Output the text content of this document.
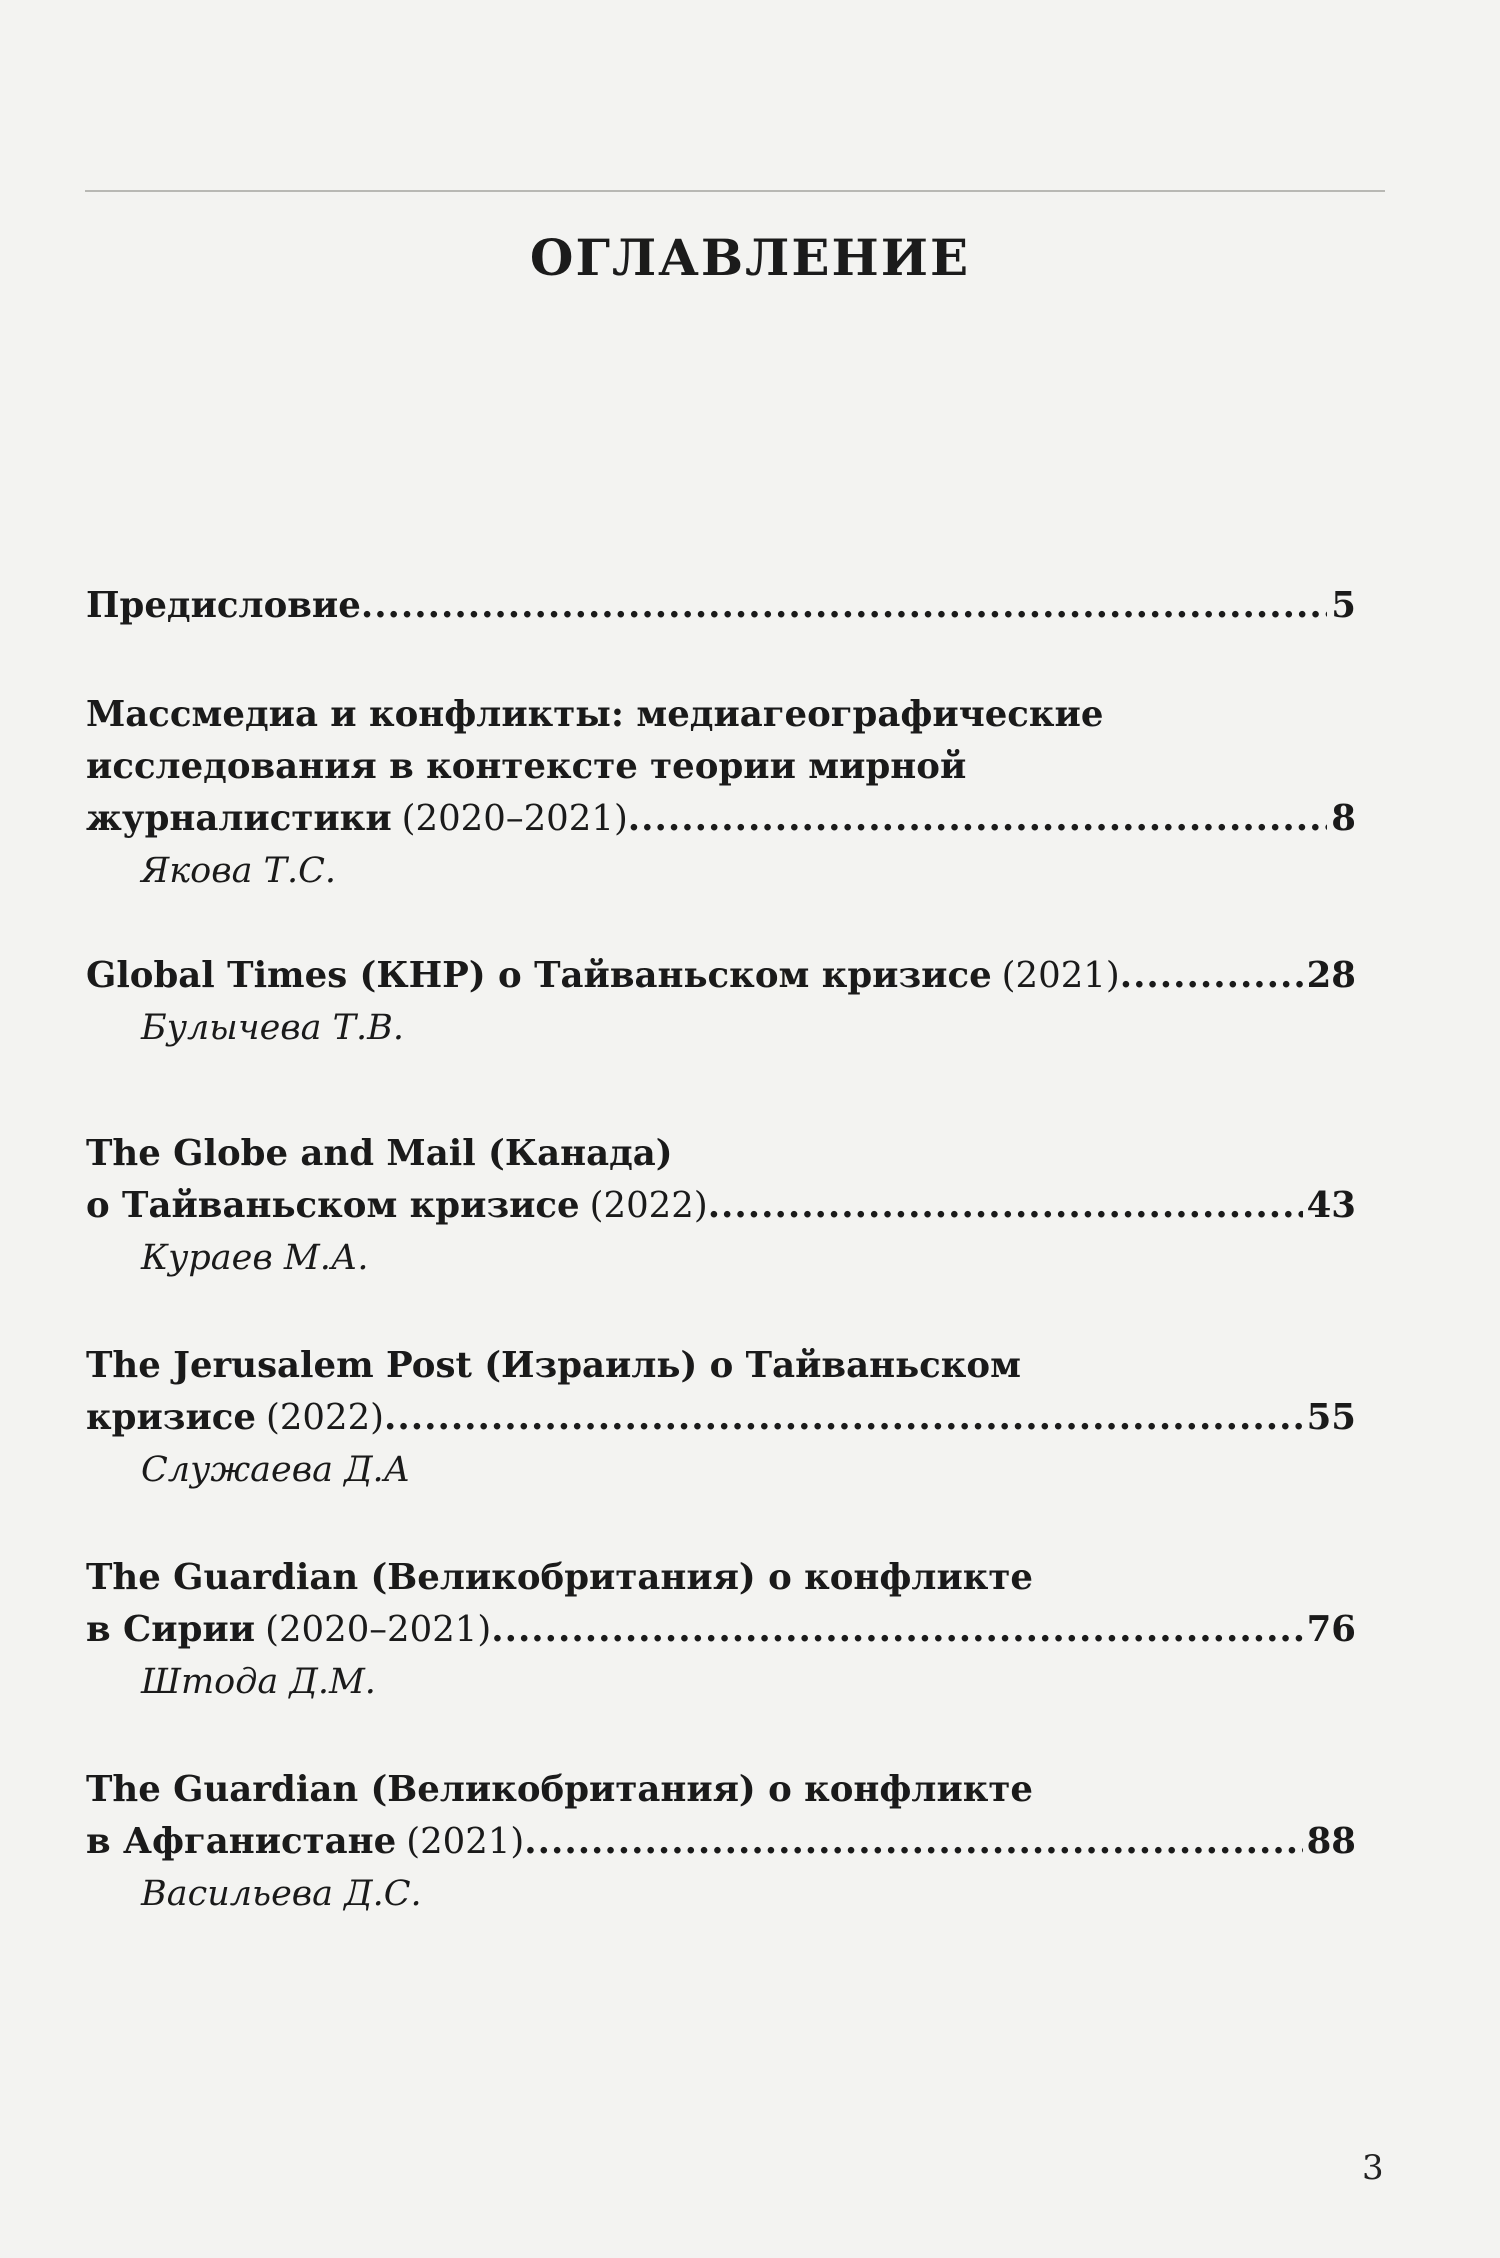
ОГЛАВЛЕНИЕ
Предисловие .....	5
Массмедиа и конфликты: медиагеографические
исследования в контексте теории мирной
журналистики (2020–2021) .....	8
Якова Т.С.
Global Times (КНР) о Тайваньском кризисе (2021) .....	28
Булычева Т.В.
The Globe and Mail (Канада)
о Тайваньском кризисе (2022) .....	43
Кураев М.А.
The Jerusalem Post (Израиль) о Тайваньском
кризисе (2022) .....	55
Служаева Д.А
The Guardian (Великобритания) о конфликте
в Сирии (2020–2021) .....	76
Штода Д.М.
The Guardian (Великобритания) о конфликте
в Афганистане (2021) .....	88
Васильева Д.С.
3
